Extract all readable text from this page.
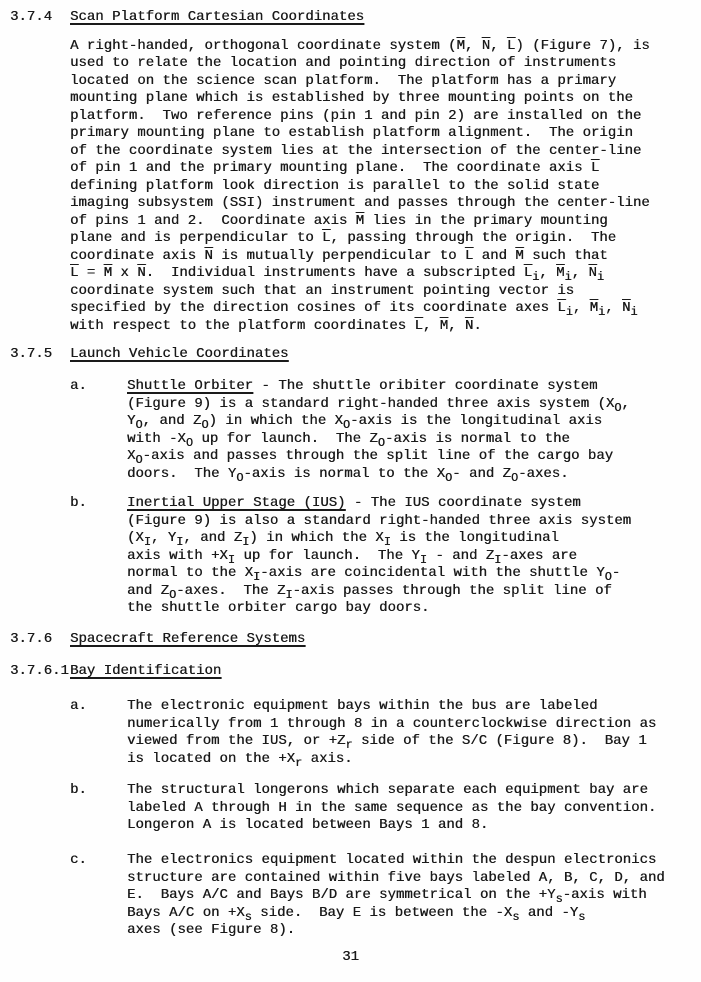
3.7.4	Scan Platform Cartesian Coordinates
A right-handed, orthogonal coordinate system ($\overline{M}$, $\overline{N}$, $\overline{L}$) (Figure 7), is
used to relate the location and pointing direction of instruments
located on the science scan platform.  The platform has a primary
mounting plane which is established by three mounting points on the
platform.  Two reference pins (pin 1 and pin 2) are installed on the
primary mounting plane to establish platform alignment.  The origin
of the coordinate system lies at the intersection of the center-line
of pin 1 and the primary mounting plane.  The coordinate axis $\overline{L}$
defining platform look direction is parallel to the solid state
imaging subsystem (SSI) instrument and passes through the center-line
of pins 1 and 2.  Coordinate axis $\overline{M}$ lies in the primary mounting
plane and is perpendicular to $\overline{L}$, passing through the origin.  The
coordinate axis $\overline{N}$ is mutually perpendicular to $\overline{L}$ and $\overline{M}$ such that
$\overline{L} = \overline{M}$ x $\overline{N}$.  Individual instruments have a subscripted $\overline{L}_i$, $\overline{M}_i$, $\overline{N}_i$
coordinate system such that an instrument pointing vector is
specified by the direction cosines of its coordinate axes $\overline{L}_i$, $\overline{M}_i$, $\overline{N}_i$
with respect to the platform coordinates $\overline{L}$, $\overline{M}$, $\overline{N}$.
3.7.5	Launch Vehicle Coordinates
a.	Shuttle Orbiter - The shuttle oribiter coordinate system
(Figure 9) is a standard right-handed three axis system ($X_O$,
$Y_O$, and $Z_O$) in which the $X_O$-axis is the longitudinal axis
with $-X_O$ up for launch.  The $Z_O$-axis is normal to the
$X_O$-axis and passes through the split line of the cargo bay
doors.  The $Y_O$-axis is normal to the $X_O-$ and $Z_O$-axes.
b.	Inertial Upper Stage (IUS) - The IUS coordinate system
(Figure 9) is also a standard right-handed three axis system
($X_I$, $Y_I$, and $Z_I$) in which the $X_I$ is the longitudinal
axis with $+X_I$ up for launch.  The $Y_I$ - and $Z_I$-axes are
normal to the $X_I$-axis are coincidental with the shuttle $Y_O-$
and $Z_O$-axes.  The $Z_I$-axis passes through the split line of
the shuttle orbiter cargo bay doors.
3.7.6	Spacecraft Reference Systems
3.7.6.1 Bay Identification
a.	The electronic equipment bays within the bus are labeled
numerically from 1 through 8 in a counterclockwise direction as
viewed from the IUS, or $+Z_r$ side of the S/C (Figure 8).  Bay 1
is located on the $+X_r$ axis.
b.	The structural longerons which separate each equipment bay are
labeled A through H in the same sequence as the bay convention.
Longeron A is located between Bays 1 and 8.
c.	The electronics equipment located within the despun electronics
structure are contained within five bays labeled A, B, C, D, and
E.  Bays A/C and Bays B/D are symmetrical on the $+Y_s$-axis with
Bays A/C on $+X_s$ side.  Bay E is between the $-X_s$ and $-Y_s$
axes (see Figure 8).
31
